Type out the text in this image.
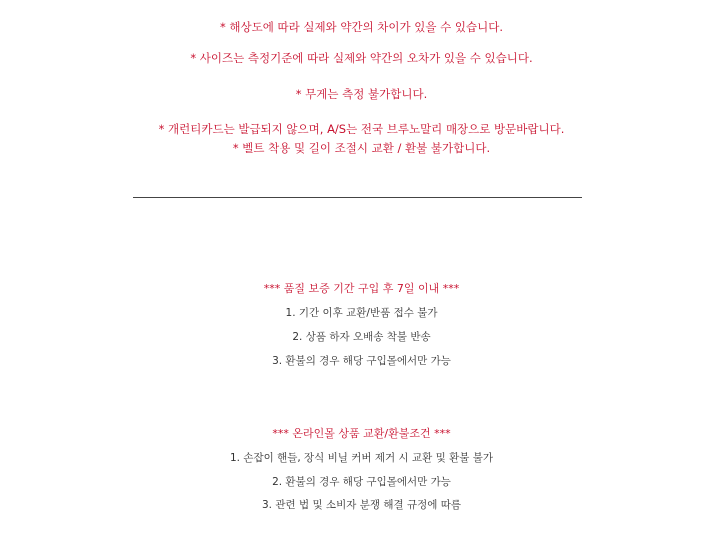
* 해상도에 따라 실제와 약간의 차이가 있을 수 있습니다.
* 사이즈는 측정기준에 따라 실제와 약간의 오차가 있을 수 있습니다.
* 무게는 측정 불가합니다.
* 개런티카드는 발급되지 않으며, A/S는 전국 브루노말리 매장으로 방문바랍니다.
* 벨트 착용 및 길이 조절시 교환 / 환불 불가합니다.
*** 품질 보증 기간 구입 후 7일 이내 ***
1. 기간 이후 교환/반품 접수 불가
2. 상품 하자 오배송 착불 반송
3. 환불의 경우 해당 구입몰에서만 가능
*** 온라인몰 상품 교환/환불조건 ***
1. 손잡이 핸들, 장식 비닐 커버 제거 시 교환 및 환불 불가
2. 환불의 경우 해당 구입몰에서만 가능
3. 관련 법 및 소비자 분쟁 해결 규정에 따름
